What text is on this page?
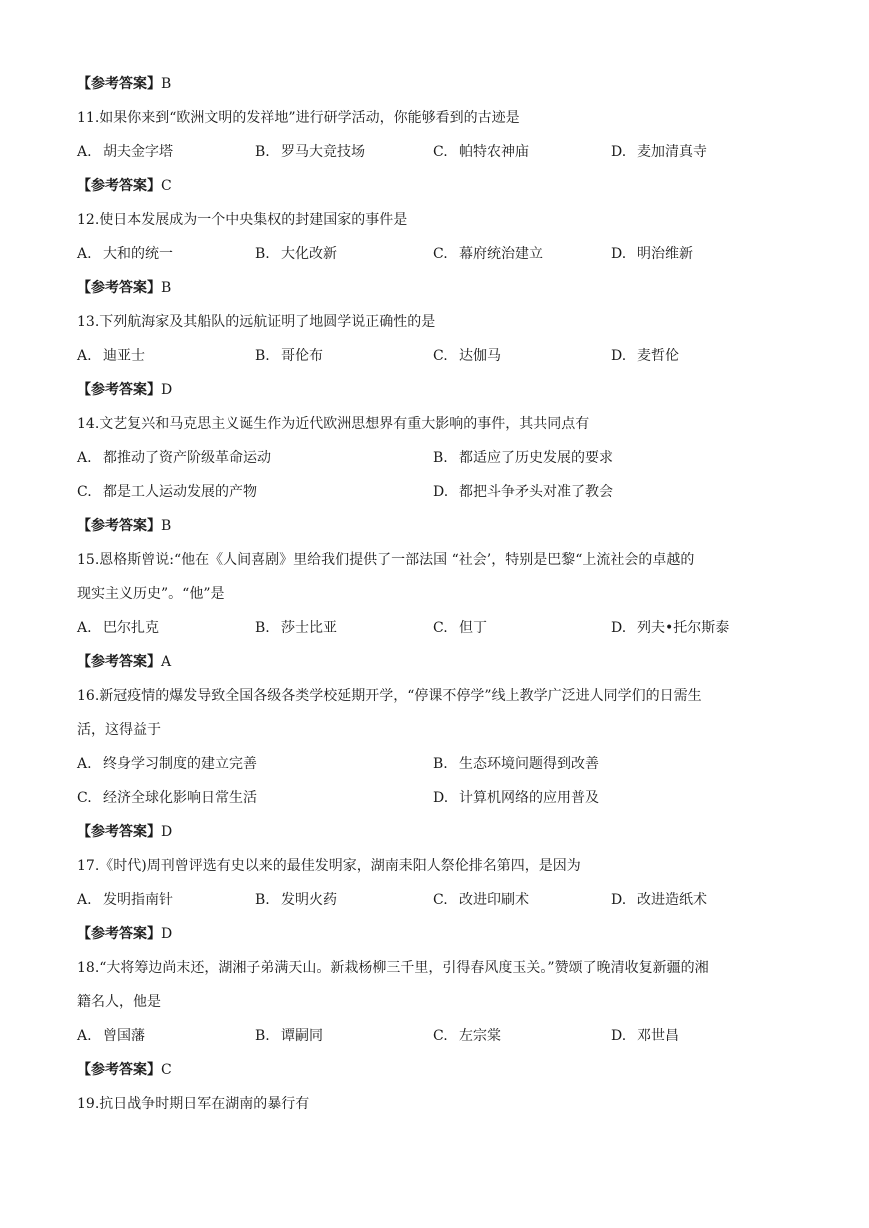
【参考答案】B
11.如果你来到“欧洲文明的发祥地”进行研学活动，你能够看到的古迹是
A. 胡夫金字塔	B. 罗马大竞技场	C. 帕特农神庙	D. 麦加清真寺
【参考答案】C
12.使日本发展成为一个中央集权的封建国家的事件是
A. 大和的统一	B. 大化改新	C. 幕府统治建立	D. 明治维新
【参考答案】B
13.下列航海家及其船队的远航证明了地圆学说正确性的是
A. 迪亚士	B. 哥伦布	C. 达伽马	D. 麦哲伦
【参考答案】D
14.文艺复兴和马克思主义诞生作为近代欧洲思想界有重大影响的事件，其共同点有
A. 都推动了资产阶级革命运动	B. 都适应了历史发展的要求
C. 都是工人运动发展的产物	D. 都把斗争矛头对准了教会
【参考答案】B
15.恩格斯曾说:“他在《人间喜剧》里给我们提供了一部法国 “社会’，特别是巴黎“上流社会的卓越的
现实主义历史”。“他”是
A. 巴尔扎克	B. 莎士比亚	C. 但丁	D. 列夫•托尔斯泰
【参考答案】A
16.新冠疫情的爆发导致全国各级各类学校延期开学，“停课不停学”线上教学广泛进人同学们的日需生
活，这得益于
A. 终身学习制度的建立完善	B. 生态环境问题得到改善
C. 经济全球化影响日常生活	D. 计算机网络的应用普及
【参考答案】D
17.《时代)周刊曾评选有史以来的最佳发明家，湖南耒阳人祭伦排名第四，是因为
A. 发明指南针	B. 发明火药	C. 改进印刷术	D. 改进造纸术
【参考答案】D
18.“大将筹边尚末还，湖湘子弟满天山。新栽杨柳三千里，引得春风度玉关。”赞颂了晚清收复新疆的湘
籍名人，他是
A. 曾国藩	B. 谭嗣同	C. 左宗棠	D. 邓世昌
【参考答案】C
19.抗日战争时期日军在湖南的暴行有
